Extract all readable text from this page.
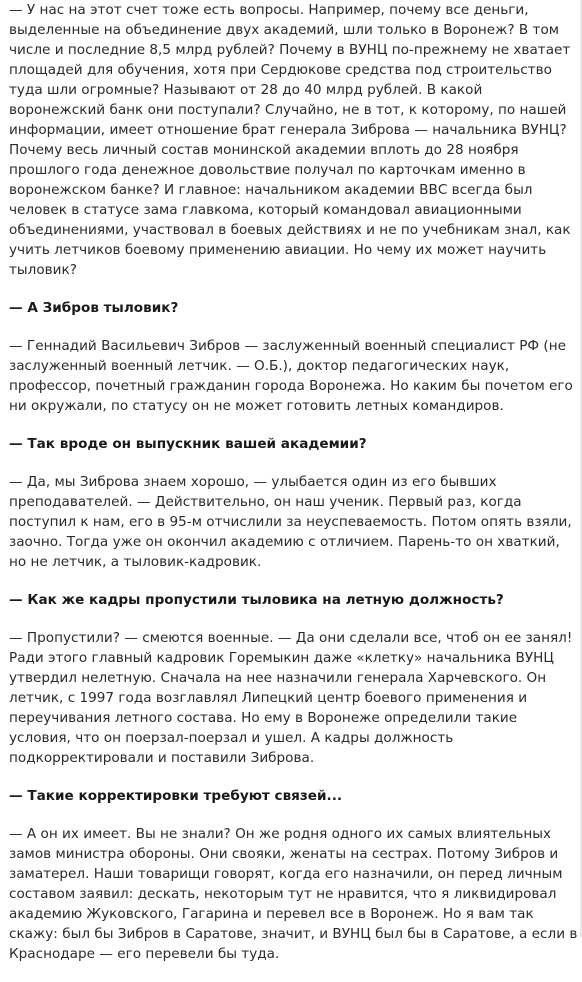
— У нас на этот счет тоже есть вопросы. Например, почему все деньги, выделенные на объединение двух академий, шли только в Воронеж? В том числе и последние 8,5 млрд рублей? Почему в ВУНЦ по-прежнему не хватает площадей для обучения, хотя при Сердюкове средства под строительство туда шли огромные? Называют от 28 до 40 млрд рублей. В какой воронежский банк они поступали? Случайно, не в тот, к которому, по нашей информации, имеет отношение брат генерала Зиброва — начальника ВУНЦ? Почему весь личный состав монинской академии вплоть до 28 ноября прошлого года денежное довольствие получал по карточкам именно в воронежском банке? И главное: начальником академии ВВС всегда был человек в статусе зама главкома, который командовал авиационными объединениями, участвовал в боевых действиях и не по учебникам знал, как учить летчиков боевому применению авиации. Но чему их может научить тыловик?

— А Зибров тыловик?

— Геннадий Васильевич Зибров — заслуженный военный специалист РФ (не заслуженный военный летчик. — О.Б.), доктор педагогических наук, профессор, почетный гражданин города Воронежа. Но каким бы почетом его ни окружали, по статусу он не может готовить летных командиров.

— Так вроде он выпускник вашей академии?

— Да, мы Зиброва знаем хорошо, — улыбается один из его бывших преподавателей. — Действительно, он наш ученик. Первый раз, когда поступил к нам, его в 95-м отчислили за неуспеваемость. Потом опять взяли, заочно. Тогда уже он окончил академию с отличием. Парень-то он хваткий, но не летчик, а тыловик-кадровик.

— Как же кадры пропустили тыловика на летную должность?

— Пропустили? — смеются военные. — Да они сделали все, чтоб он ее занял! Ради этого главный кадровик Горемыкин даже «клетку» начальника ВУНЦ утвердил нелетную. Сначала на нее назначили генерала Харчевского. Он летчик, с 1997 года возглавлял Липецкий центр боевого применения и переучивания летного состава. Но ему в Воронеже определили такие условия, что он поерзал-поерзал и ушел. А кадры должность подкорректировали и поставили Зиброва.

— Такие корректировки требуют связей...

— А он их имеет. Вы не знали? Он же родня одного их самых влиятельных замов министра обороны. Они свояки, женаты на сестрах. Потому Зибров и заматерел. Наши товарищи говорят, когда его назначили, он перед личным составом заявил: дескать, некоторым тут не нравится, что я ликвидировал академию Жуковского, Гагарина и перевел все в Воронеж. Но я вам так скажу: был бы Зибров в Саратове, значит, и ВУНЦ был бы в Саратове, а если в Краснодаре — его перевели бы туда.
